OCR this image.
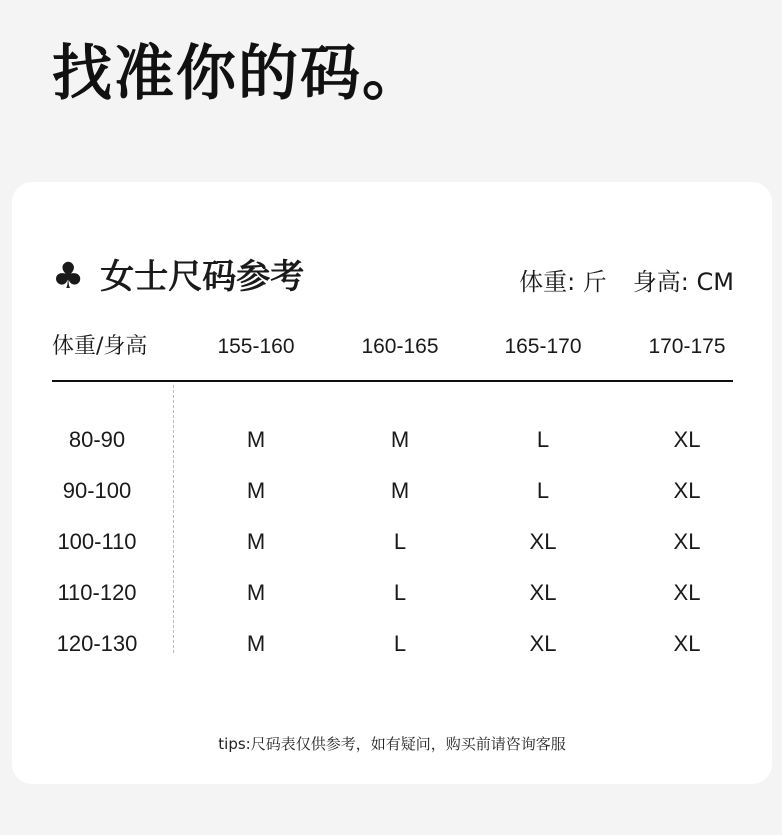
找准你的码。
♣ 女士尺码参考	体重: 斤 身高: CM
体重/身高	155-160	160-165	165-170	170-175
80-90	M	M	L	XL
90-100	M	M	L	XL
100-110	M	L	XL	XL
110-120	M	L	XL	XL
120-130	M	L	XL	XL
tips:尺码表仅供参考，如有疑问，购买前请咨询客服
